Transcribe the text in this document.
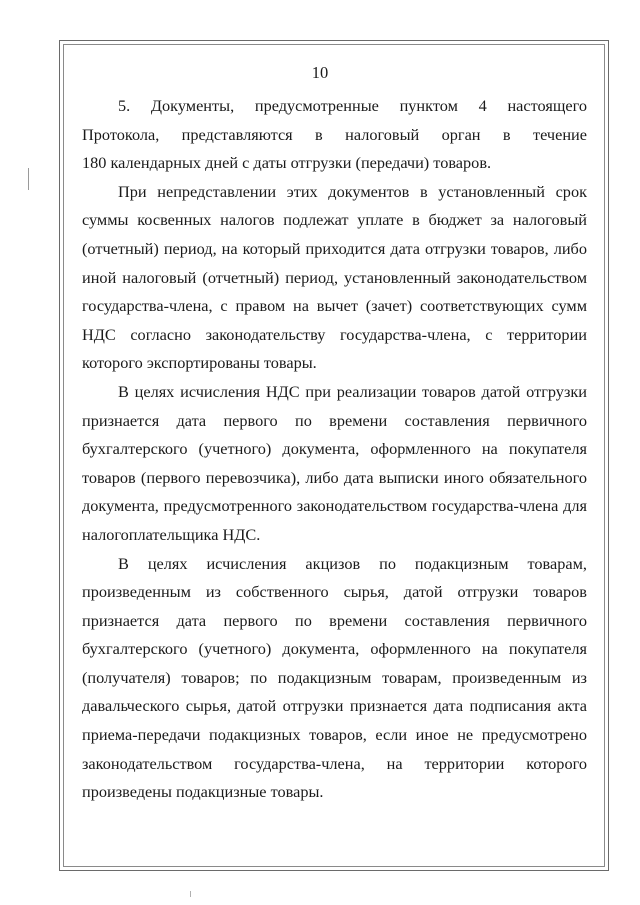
10

5. Документы, предусмотренные пунктом 4 настоящего
Протокола, представляются в налоговый орган в течение
180 календарных дней с даты отгрузки (передачи) товаров.

При непредставлении этих документов в установленный срок
суммы косвенных налогов подлежат уплате в бюджет за налоговый
(отчетный) период, на который приходится дата отгрузки товаров, либо
иной налоговый (отчетный) период, установленный законодательством
государства-члена, с правом на вычет (зачет) соответствующих сумм
НДС согласно законодательству государства-члена, с территории
которого экспортированы товары.

В целях исчисления НДС при реализации товаров датой отгрузки
признается дата первого по времени составления первичного
бухгалтерского (учетного) документа, оформленного на покупателя
товаров (первого перевозчика), либо дата выписки иного обязательного
документа, предусмотренного законодательством государства-члена для
налогоплательщика НДС.

В целях исчисления акцизов по подакцизным товарам,
произведенным из собственного сырья, датой отгрузки товаров
признается дата первого по времени составления первичного
бухгалтерского (учетного) документа, оформленного на покупателя
(получателя) товаров; по подакцизным товарам, произведенным из
давальческого сырья, датой отгрузки признается дата подписания акта
приема-передачи подакцизных товаров, если иное не предусмотрено
законодательством государства-члена, на территории которого
произведены подакцизные товары.
